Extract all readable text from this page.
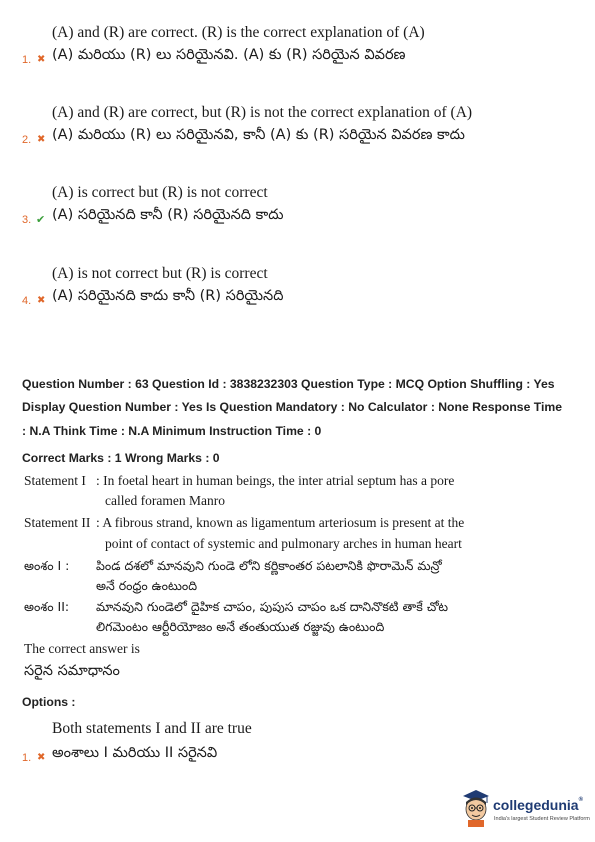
(A) and (R) are correct. (R) is the correct explanation of (A)
1. ✖ (A) మరియు (R) లు సరియైనవి. (A) కు (R) సరియైన వివరణ
(A) and (R) are correct, but (R) is not the correct explanation of (A)
2. ✖ (A) మరియు (R) లు సరియైనవి, కానీ (A) కు (R) సరియైన వివరణ కాదు
(A) is correct but (R) is not correct
3. ✔ (A) సరియైనది కానీ (R) సరియైనది కాదు
(A) is not correct but (R) is correct
4. ✖ (A) సరియైనది కాదు కానీ (R) సరియైనది
Question Number : 63 Question Id : 3838232303 Question Type : MCQ Option Shuffling : Yes
Display Question Number : Yes Is Question Mandatory : No Calculator : None Response Time
: N.A Think Time : N.A Minimum Instruction Time : 0
Correct Marks : 1 Wrong Marks : 0
Statement I : In foetal heart in human beings, the inter atrial septum has a pore
called foramen Manro
Statement II : A fibrous strand, known as ligamentum arteriosum is present at the
point of contact of systemic and pulmonary arches in human heart
అంశం I : పిండ దశలో మానవుని గుండె లోని కర్ణికాంతర పటలానికి ఫొరామెన్ మన్రో
అనే రంధ్రం ఉంటుంది
అంశం II: మానవుని గుండెలో దైహిక చాపం, పుపుస చాపం ఒక దానినొకటి తాకే చోట
లిగమెంటం ఆర్టీరియోజం అనే తంతుయుత రజ్జువు ఉంటుంది
The correct answer is
సరైన సమాధానం
Options :
Both statements I and II are true
1. ✖ అంశాలు I మరియు II సరైనవి
collegedunia®
India's largest Student Review Platform
